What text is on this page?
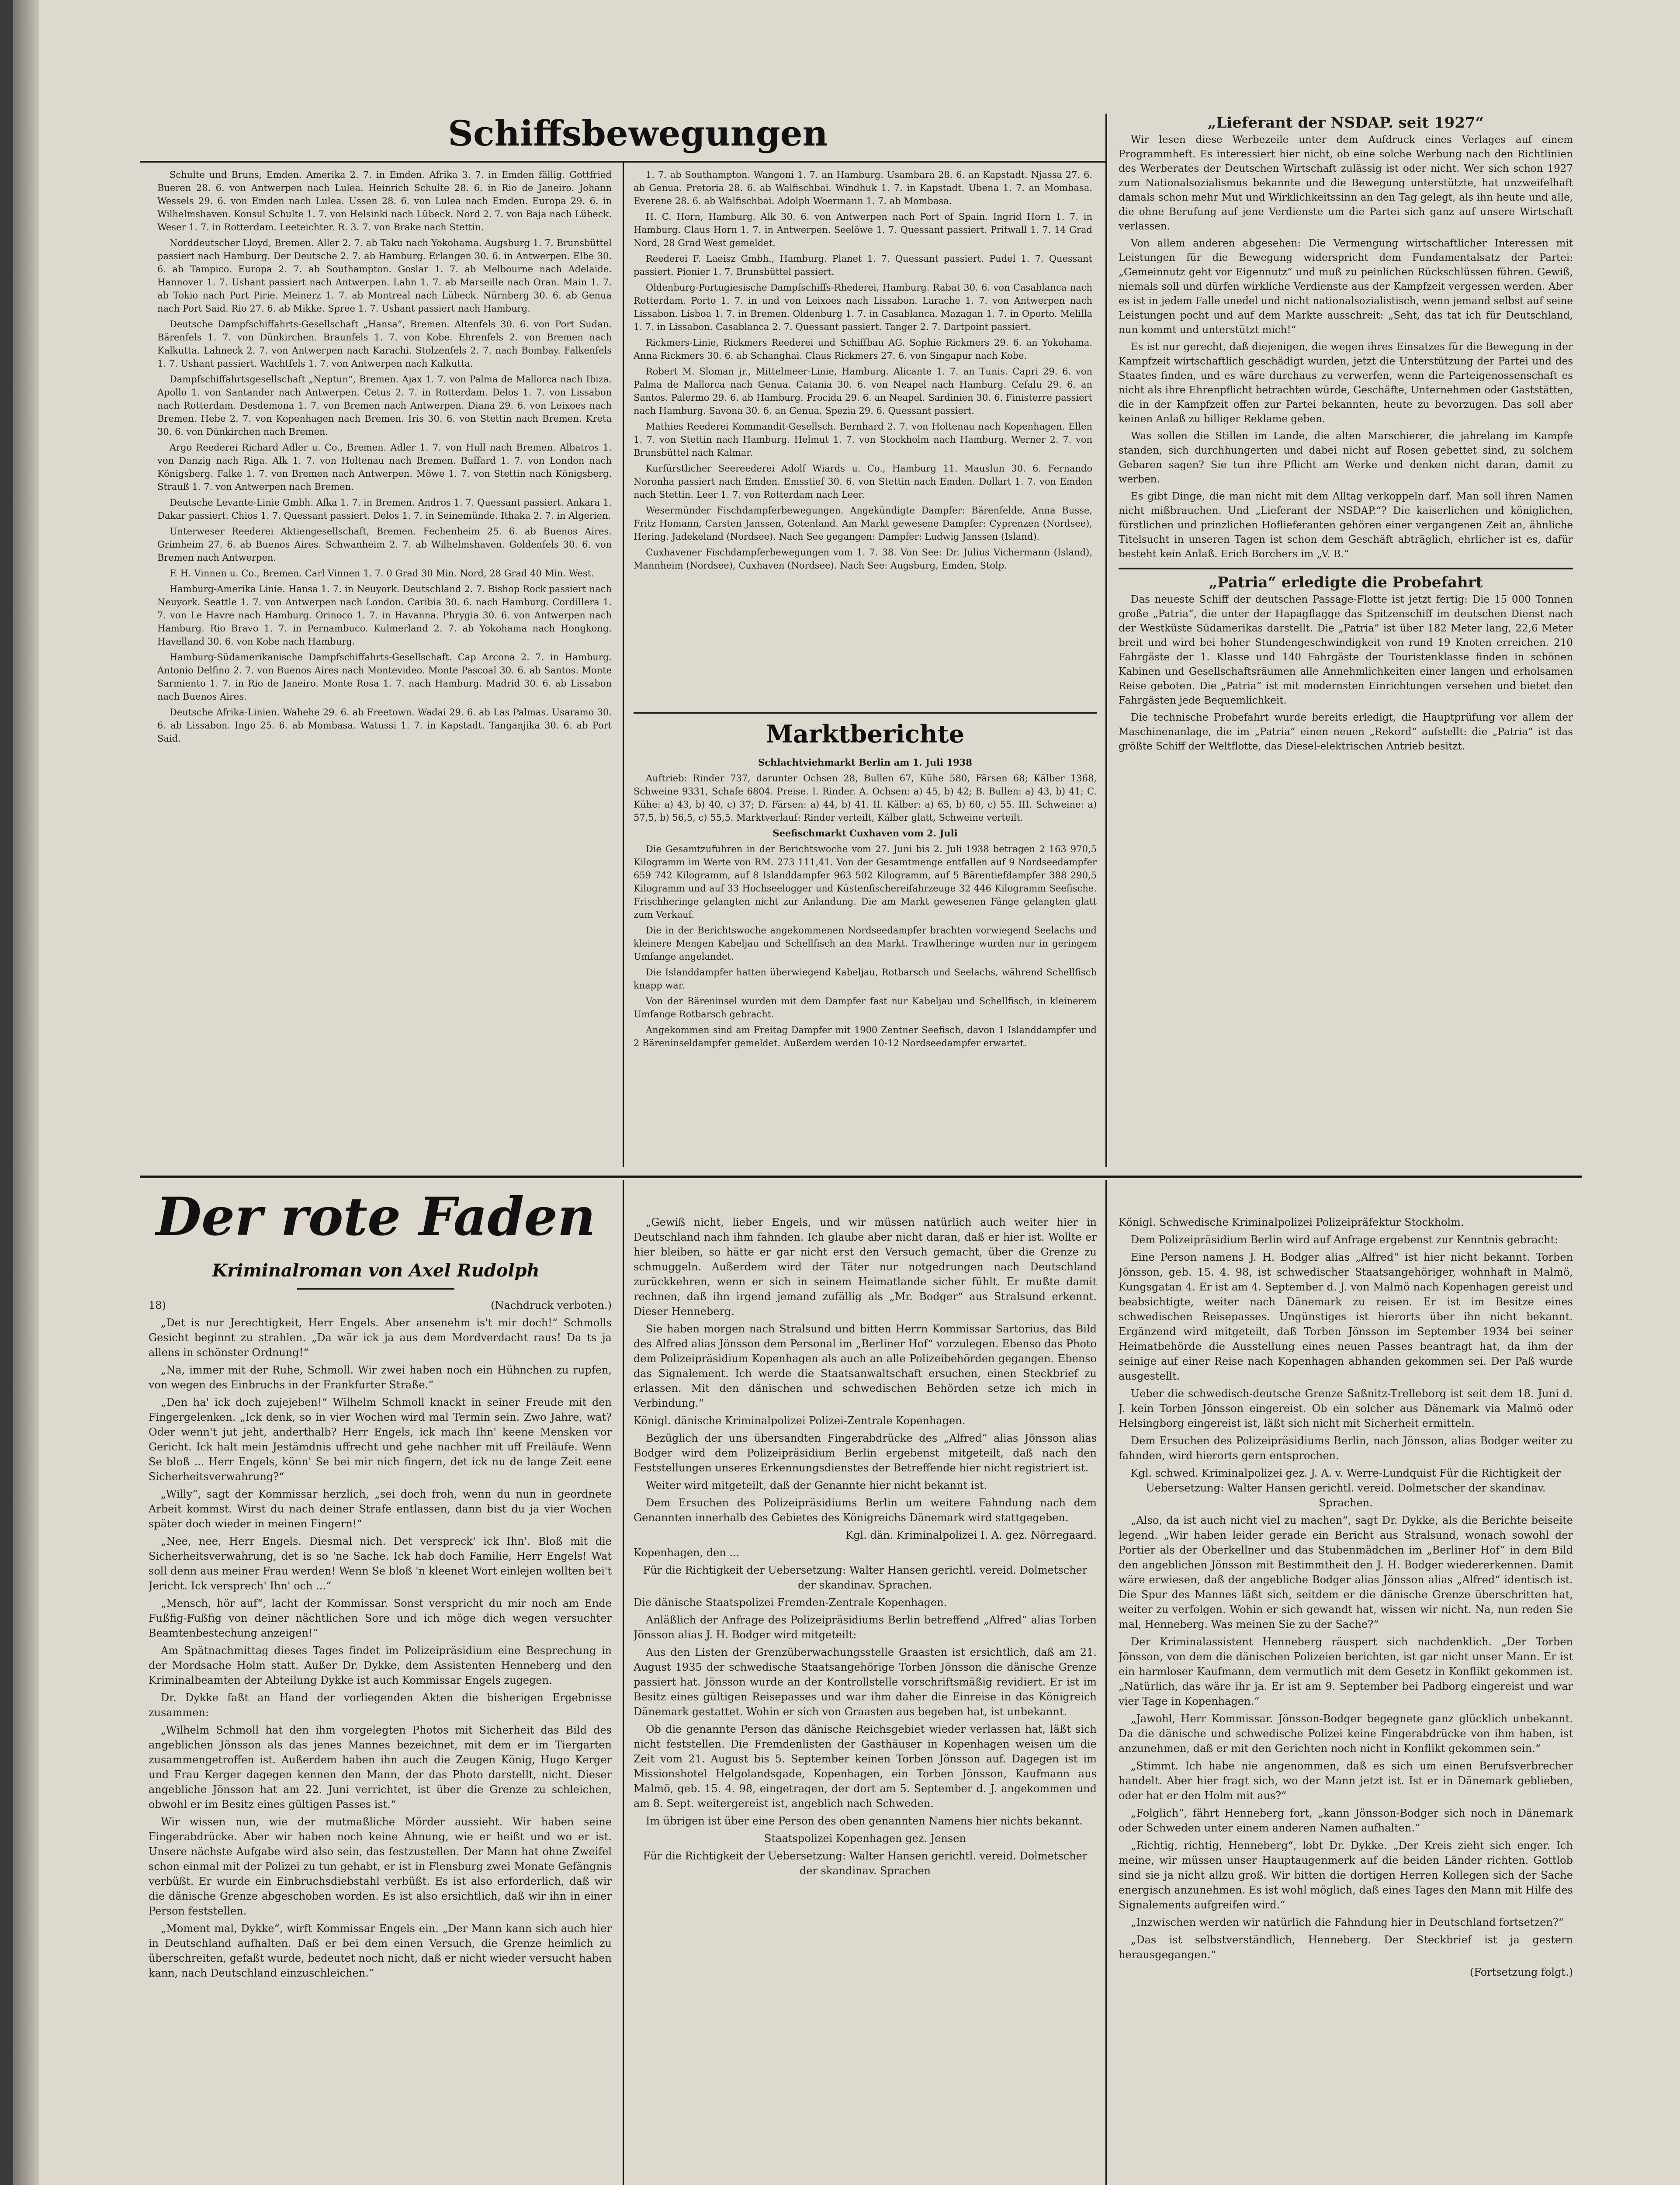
Schiffsbewegungen

Schulte und Bruns, Emden. Amerika 2. 7. in Emden. Afrika 3. 7. in Emden fällig. Gottfried Bueren 28. 6. von Antwerpen nach Lulea. Heinrich Schulte 28. 6. in Rio de Janeiro. Johann Wessels 29. 6. von Emden nach Lulea. Ussen 28. 6. von Lulea nach Emden. Europa 29. 6. in Wilhelmshaven. Konsul Schulte 1. 7. von Helsinki nach Lübeck. Nord 2. 7. von Baja nach Lübeck. Weser 1. 7. in Rotterdam. Leeteichter. R. 3. 7. von Brake nach Stettin.

Norddeutscher Lloyd, Bremen. Aller 2. 7. ab Taku nach Yokohama. Augsburg 1. 7. Brunsbüttel passiert nach Hamburg. Der Deutsche 2. 7. ab Hamburg. Erlangen 30. 6. in Antwerpen. Elbe 30. 6. ab Tampico. Europa 2. 7. ab Southampton. Goslar 1. 7. ab Melbourne nach Adelaide. Hannover 1. 7. Ushant passiert nach Antwerpen. Lahn 1. 7. ab Marseille nach Oran. Main 1. 7. ab Tokio nach Port Pirie. Meinerz 1. 7. ab Montreal nach Lübeck. Nürnberg 30. 6. ab Genua nach Port Said. Rio 27. 6. ab Mikke. Spree 1. 7. Ushant passiert nach Hamburg.

Deutsche Dampfschiffahrts-Gesellschaft „Hansa“, Bremen. Altenfels 30. 6. von Port Sudan. Bärenfels 1. 7. von Dünkirchen. Braunfels 1. 7. von Kobe. Ehrenfels 2. von Bremen nach Kalkutta. Lahneck 2. 7. von Antwerpen nach Karachi. Stolzenfels 2. 7. nach Bombay. Falkenfels 1. 7. Ushant passiert. Wachtfels 1. 7. von Antwerpen nach Kalkutta.

Dampfschiffahrtsgesellschaft „Neptun“, Bremen. Ajax 1. 7. von Palma de Mallorca nach Ibiza. Apollo 1. von Santander nach Antwerpen. Cetus 2. 7. in Rotterdam. Delos 1. 7. von Lissabon nach Rotterdam. Desdemona 1. 7. von Bremen nach Antwerpen. Diana 29. 6. von Leixoes nach Bremen. Hebe 2. 7. von Kopenhagen nach Bremen. Iris 30. 6. von Stettin nach Bremen. Kreta 30. 6. von Dünkirchen nach Bremen.

Argo Reederei Richard Adler u. Co., Bremen. Adler 1. 7. von Hull nach Bremen. Albatros 1. von Danzig nach Riga. Alk 1. 7. von Holtenau nach Bremen. Buffard 1. 7. von London nach Königsberg. Falke 1. 7. von Bremen nach Antwerpen. Möwe 1. 7. von Stettin nach Königsberg. Strauß 1. 7. von Antwerpen nach Bremen.

Deutsche Levante-Linie Gmbh. Afka 1. 7. in Bremen. Andros 1. 7. Quessant passiert. Ankara 1. Dakar passiert. Chios 1. 7. Quessant passiert. Delos 1. 7. in Seinemünde. Ithaka 2. 7. in Algerien.

Unterweser Reederei Aktiengesellschaft, Bremen. Fechenheim 25. 6. ab Buenos Aires. Grimheim 27. 6. ab Buenos Aires. Schwanheim 2. 7. ab Wilhelmshaven. Goldenfels 30. 6. von Bremen nach Antwerpen.

F. H. Vinnen u. Co., Bremen. Carl Vinnen 1. 7. 0 Grad 30 Min. Nord, 28 Grad 40 Min. West.

Hamburg-Amerika Linie. Hansa 1. 7. in Neuyork. Deutschland 2. 7. Bishop Rock passiert nach Neuyork. Seattle 1. 7. von Antwerpen nach London. Caribia 30. 6. nach Hamburg. Cordillera 1. 7. von Le Havre nach Hamburg. Orinoco 1. 7. in Havanna. Phrygia 30. 6. von Antwerpen nach Hamburg. Rio Bravo 1. 7. in Pernambuco. Kulmerland 2. 7. ab Yokohama nach Hongkong. Havelland 30. 6. von Kobe nach Hamburg.

Hamburg-Südamerikanische Dampfschiffahrts-Gesellschaft. Cap Arcona 2. 7. in Hamburg. Antonio Delfino 2. 7. von Buenos Aires nach Montevideo. Monte Pascoal 30. 6. ab Santos. Monte Sarmiento 1. 7. in Rio de Janeiro. Monte Rosa 1. 7. nach Hamburg. Madrid 30. 6. ab Lissabon nach Buenos Aires.

Deutsche Afrika-Linien. Wahehe 29. 6. ab Freetown. Wadai 29. 6. ab Las Palmas. Usaramo 30. 6. ab Lissabon. Ingo 25. 6. ab Mombasa. Watussi 1. 7. in Kapstadt. Tanganjika 30. 6. ab Port Said.

1. 7. ab Southampton. Wangoni 1. 7. an Hamburg. Usambara 28. 6. an Kapstadt. Njassa 27. 6. ab Genua. Pretoria 28. 6. ab Walfischbai. Windhuk 1. 7. in Kapstadt. Ubena 1. 7. an Mombasa. Everene 28. 6. ab Walfischbai. Adolph Woermann 1. 7. ab Mombasa.

H. C. Horn, Hamburg. Alk 30. 6. von Antwerpen nach Port of Spain. Ingrid Horn 1. 7. in Hamburg. Claus Horn 1. 7. in Antwerpen. Seelöwe 1. 7. Quessant passiert. Pritwall 1. 7. 14 Grad Nord, 28 Grad West gemeldet.

Reederei F. Laeisz Gmbh., Hamburg. Planet 1. 7. Quessant passiert. Pudel 1. 7. Quessant passiert. Pionier 1. 7. Brunsbüttel passiert.

Oldenburg-Portugiesische Dampfschiffs-Rhederei, Hamburg. Rabat 30. 6. von Casablanca nach Rotterdam. Porto 1. 7. in und von Leixoes nach Lissabon. Larache 1. 7. von Antwerpen nach Lissabon. Lisboa 1. 7. in Bremen. Oldenburg 1. 7. in Casablanca. Mazagan 1. 7. in Oporto. Melilla 1. 7. in Lissabon. Casablanca 2. 7. Quessant passiert. Tanger 2. 7. Dartpoint passiert.

Rickmers-Linie, Rickmers Reederei und Schiffbau AG. Sophie Rickmers 29. 6. an Yokohama. Anna Rickmers 30. 6. ab Schanghai. Claus Rickmers 27. 6. von Singapur nach Kobe.

Robert M. Sloman jr., Mittelmeer-Linie, Hamburg. Alicante 1. 7. an Tunis. Capri 29. 6. von Palma de Mallorca nach Genua. Catania 30. 6. von Neapel nach Hamburg. Cefalu 29. 6. an Santos. Palermo 29. 6. ab Hamburg. Procida 29. 6. an Neapel. Sardinien 30. 6. Finisterre passiert nach Hamburg. Savona 30. 6. an Genua. Spezia 29. 6. Quessant passiert.

Mathies Reederei Kommandit-Gesellsch. Bernhard 2. 7. von Holtenau nach Kopenhagen. Ellen 1. 7. von Stettin nach Hamburg. Helmut 1. 7. von Stockholm nach Hamburg. Werner 2. 7. von Brunsbüttel nach Kalmar.

Kurfürstlicher Seereederei Adolf Wiards u. Co., Hamburg 11. Mauslun 30. 6. Fernando Noronha passiert nach Emden. Emsstief 30. 6. von Stettin nach Emden. Dollart 1. 7. von Emden nach Stettin. Leer 1. 7. von Rotterdam nach Leer.

Wesermünder Fischdampferbewegungen. Angekündigte Dampfer: Bärenfelde, Anna Busse, Fritz Homann, Carsten Janssen, Gotenland. Am Markt gewesene Dampfer: Cyprenzen (Nordsee), Hering. Jadekeland (Nordsee). Nach See gegangen: Dampfer: Ludwig Janssen (Island).

Cuxhavener Fischdampferbewegungen vom 1. 7. 38. Von See: Dr. Julius Vichermann (Island), Mannheim (Nordsee), Cuxhaven (Nordsee). Nach See: Augsburg, Emden, Stolp.

Marktberichte

Schlachtviehmarkt Berlin am 1. Juli 1938

Auftrieb: Rinder 737, darunter Ochsen 28, Bullen 67, Kühe 580, Färsen 68; Kälber 1368, Schweine 9331, Schafe 6804. Preise. I. Rinder. A. Ochsen: a) 45, b) 42; B. Bullen: a) 43, b) 41; C. Kühe: a) 43, b) 40, c) 37; D. Färsen: a) 44, b) 41. II. Kälber: a) 65, b) 60, c) 55. III. Schweine: a) 57,5, b) 56,5, c) 55,5. Marktverlauf: Rinder verteilt, Kälber glatt, Schweine verteilt.

Seefischmarkt Cuxhaven vom 2. Juli

Die Gesamtzufuhren in der Berichtswoche vom 27. Juni bis 2. Juli 1938 betragen 2 163 970,5 Kilogramm im Werte von RM. 273 111,41. Von der Gesamtmenge entfallen auf 9 Nordseedampfer 659 742 Kilogramm, auf 8 Islanddampfer 963 502 Kilogramm, auf 5 Bärentiefdampfer 388 290,5 Kilogramm und auf 33 Hochseelogger und Küstenfischereifahrzeuge 32 446 Kilogramm Seefische. Frischheringe gelangten nicht zur Anlandung. Die am Markt gewesenen Fänge gelangten glatt zum Verkauf.

Die in der Berichtswoche angekommenen Nordseedampfer brachten vorwiegend Seelachs und kleinere Mengen Kabeljau und Schellfisch an den Markt. Trawlheringe wurden nur in geringem Umfange angelandet.

Die Islanddampfer hatten überwiegend Kabeljau, Rotbarsch und Seelachs, während Schellfisch knapp war.

Von der Bäreninsel wurden mit dem Dampfer fast nur Kabeljau und Schellfisch, in kleinerem Umfange Rotbarsch gebracht.

Angekommen sind am Freitag Dampfer mit 1900 Zentner Seefisch, davon 1 Islanddampfer und 2 Bäreninseldampfer gemeldet. Außerdem werden 10-12 Nordseedampfer erwartet.

„Lieferant der NSDAP. seit 1927“

Wir lesen diese Werbezeile unter dem Aufdruck eines Verlages auf einem Programmheft. Es interessiert hier nicht, ob eine solche Werbung nach den Richtlinien des Werberates der Deutschen Wirtschaft zulässig ist oder nicht. Wer sich schon 1927 zum Nationalsozialismus bekannte und die Bewegung unterstützte, hat unzweifelhaft damals schon mehr Mut und Wirklichkeitssinn an den Tag gelegt, als ihn heute und alle, die ohne Berufung auf jene Verdienste um die Partei sich ganz auf unsere Wirtschaft verlassen.

Von allem anderen abgesehen: Die Vermengung wirtschaftlicher Interessen mit Leistungen für die Bewegung widerspricht dem Fundamentalsatz der Partei: „Gemeinnutz geht vor Eigennutz“ und muß zu peinlichen Rückschlüssen führen. Gewiß, niemals soll und dürfen wirkliche Verdienste aus der Kampfzeit vergessen werden. Aber es ist in jedem Falle unedel und nicht nationalsozialistisch, wenn jemand selbst auf seine Leistungen pocht und auf dem Markte ausschreit: „Seht, das tat ich für Deutschland, nun kommt und unterstützt mich!“

Es ist nur gerecht, daß diejenigen, die wegen ihres Einsatzes für die Bewegung in der Kampfzeit wirtschaftlich geschädigt wurden, jetzt die Unterstützung der Partei und des Staates finden, und es wäre durchaus zu verwerfen, wenn die Parteigenossenschaft es nicht als ihre Ehrenpflicht betrachten würde, Geschäfte, Unternehmen oder Gaststätten, die in der Kampfzeit offen zur Partei bekannten, heute zu bevorzugen. Das soll aber keinen Anlaß zu billiger Reklame geben.

Was sollen die Stillen im Lande, die alten Marschierer, die jahrelang im Kampfe standen, sich durchhungerten und dabei nicht auf Rosen gebettet sind, zu solchem Gebaren sagen? Sie tun ihre Pflicht am Werke und denken nicht daran, damit zu werben.

Es gibt Dinge, die man nicht mit dem Alltag verkoppeln darf. Man soll ihren Namen nicht mißbrauchen. Und „Lieferant der NSDAP.“? Die kaiserlichen und königlichen, fürstlichen und prinzlichen Hoflieferanten gehören einer vergangenen Zeit an, ähnliche Titelsucht in unseren Tagen ist schon dem Geschäft abträglich, ehrlicher ist es, dafür besteht kein Anlaß. Erich Borchers im „V. B.“

„Patria“ erledigte die Probefahrt

Das neueste Schiff der deutschen Passage-Flotte ist jetzt fertig: Die 15 000 Tonnen große „Patria“, die unter der Hapagflagge das Spitzenschiff im deutschen Dienst nach der Westküste Südamerikas darstellt. Die „Patria“ ist über 182 Meter lang, 22,6 Meter breit und wird bei hoher Stundengeschwindigkeit von rund 19 Knoten erreichen. 210 Fahrgäste der 1. Klasse und 140 Fahrgäste der Touristenklasse finden in schönen Kabinen und Gesellschaftsräumen alle Annehmlichkeiten einer langen und erholsamen Reise geboten. Die „Patria“ ist mit modernsten Einrichtungen versehen und bietet den Fahrgästen jede Bequemlichkeit.

Die technische Probefahrt wurde bereits erledigt, die Hauptprüfung vor allem der Maschinenanlage, die im „Patria“ einen neuen „Rekord“ aufstellt: die „Patria“ ist das größte Schiff der Weltflotte, das Diesel-elektrischen Antrieb besitzt.

Der rote Faden
Kriminalroman von Axel Rudolph

18)	(Nachdruck verboten.)

„Det is nur Jerechtigkeit, Herr Engels. Aber ansenehm is't mir doch!“ Schmolls Gesicht beginnt zu strahlen. „Da wär ick ja aus dem Mordverdacht raus! Da ts ja allens in schönster Ordnung!“

„Na, immer mit der Ruhe, Schmoll. Wir zwei haben noch ein Hühnchen zu rupfen, von wegen des Einbruchs in der Frankfurter Straße.“

„Den ha' ick doch zujejeben!“ Wilhelm Schmoll knackt in seiner Freude mit den Fingergelenken. „Ick denk, so in vier Wochen wird mal Termin sein. Zwo Jahre, wat? Oder wenn't jut jeht, anderthalb? Herr Engels, ick mach Ihn' keene Mensken vor Gericht. Ick halt mein Jestämdnis uffrecht und gehe nachher mit uff Freiläufe. Wenn Se bloß ... Herr Engels, könn' Se bei mir nich fingern, det ick nu de lange Zeit eene Sicherheitsverwahrung?“

„Willy“, sagt der Kommissar herzlich, „sei doch froh, wenn du nun in geordnete Arbeit kommst. Wirst du nach deiner Strafe entlassen, dann bist du ja vier Wochen später doch wieder in meinen Fingern!“

„Nee, nee, Herr Engels. Diesmal nich. Det verspreck' ick Ihn'. Bloß mit die Sicherheitsverwahrung, det is so 'ne Sache. Ick hab doch Familie, Herr Engels! Wat soll denn aus meiner Frau werden! Wenn Se bloß 'n kleenet Wort einlejen wollten bei't Jericht. Ick versprech' Ihn' och ...“

„Mensch, hör auf“, lacht der Kommissar. Sonst verspricht du mir noch am Ende Fußfig-Fußfig von deiner nächtlichen Sore und ich möge dich wegen versuchter Beamtenbestechung anzeigen!“

Am Spätnachmittag dieses Tages findet im Polizeipräsidium eine Besprechung in der Mordsache Holm statt. Außer Dr. Dykke, dem Assistenten Henneberg und den Kriminalbeamten der Abteilung Dykke ist auch Kommissar Engels zugegen.

Dr. Dykke faßt an Hand der vorliegenden Akten die bisherigen Ergebnisse zusammen:

„Wilhelm Schmoll hat den ihm vorgelegten Photos mit Sicherheit das Bild des angeblichen Jönsson als das jenes Mannes bezeichnet, mit dem er im Tiergarten zusammengetroffen ist. Außerdem haben ihn auch die Zeugen König, Hugo Kerger und Frau Kerger dagegen kennen den Mann, der das Photo darstellt, nicht. Dieser angebliche Jönsson hat am 22. Juni verrichtet, ist über die Grenze zu schleichen, obwohl er im Besitz eines gültigen Passes ist.“

Wir wissen nun, wie der mutmaßliche Mörder aussieht. Wir haben seine Fingerabdrücke. Aber wir haben noch keine Ahnung, wie er heißt und wo er ist. Unsere nächste Aufgabe wird also sein, das festzustellen. Der Mann hat ohne Zweifel schon einmal mit der Polizei zu tun gehabt, er ist in Flensburg zwei Monate Gefängnis verbüßt. Er wurde ein Einbruchsdiebstahl verbüßt. Es ist also erforderlich, daß wir die dänische Grenze abgeschoben worden. Es ist also ersichtlich, daß wir ihn in einer Person feststellen.

„Moment mal, Dykke“, wirft Kommissar Engels ein. „Der Mann kann sich auch hier in Deutschland aufhalten. Daß er bei dem einen Versuch, die Grenze heimlich zu überschreiten, gefaßt wurde, bedeutet noch nicht, daß er nicht wieder versucht haben kann, nach Deutschland einzuschleichen.“

„Gewiß nicht, lieber Engels, und wir müssen natürlich auch weiter hier in Deutschland nach ihm fahnden. Ich glaube aber nicht daran, daß er hier ist. Wollte er hier bleiben, so hätte er gar nicht erst den Versuch gemacht, über die Grenze zu schmuggeln. Außerdem wird der Täter nur notgedrungen nach Deutschland zurückkehren, wenn er sich in seinem Heimatlande sicher fühlt. Er mußte damit rechnen, daß ihn irgend jemand zufällig als „Mr. Bodger“ aus Stralsund erkennt. Dieser Henneberg.

Sie haben morgen nach Stralsund und bitten Herrn Kommissar Sartorius, das Bild des Alfred alias Jönsson dem Personal im „Berliner Hof“ vorzulegen. Ebenso das Photo dem Polizeipräsidium Kopenhagen als auch an alle Polizeibehörden gegangen. Ebenso das Signalement. Ich werde die Staatsanwaltschaft ersuchen, einen Steckbrief zu erlassen. Mit den dänischen und schwedischen Behörden setze ich mich in Verbindung.“

Königl. dänische Kriminalpolizei Polizei-Zentrale Kopenhagen.

Bezüglich der uns übersandten Fingerabdrücke des „Alfred“ alias Jönsson alias Bodger wird dem Polizeipräsidium Berlin ergebenst mitgeteilt, daß nach den Feststellungen unseres Erkennungsdienstes der Betreffende hier nicht registriert ist.

Weiter wird mitgeteilt, daß der Genannte hier nicht bekannt ist.

Dem Ersuchen des Polizeipräsidiums Berlin um weitere Fahndung nach dem Genannten innerhalb des Gebietes des Königreichs Dänemark wird stattgegeben.

Kgl. dän. Kriminalpolizei I. A. gez. Nörregaard.

Kopenhagen, den ...

Für die Richtigkeit der Uebersetzung: Walter Hansen gerichtl. vereid. Dolmetscher der skandinav. Sprachen.

Die dänische Staatspolizei Fremden-Zentrale Kopenhagen.

Anläßlich der Anfrage des Polizeipräsidiums Berlin betreffend „Alfred“ alias Torben Jönsson alias J. H. Bodger wird mitgeteilt:

Aus den Listen der Grenzüberwachungsstelle Graasten ist ersichtlich, daß am 21. August 1935 der schwedische Staatsangehörige Torben Jönsson die dänische Grenze passiert hat. Jönsson wurde an der Kontrollstelle vorschriftsmäßig revidiert. Er ist im Besitz eines gültigen Reisepasses und war ihm daher die Einreise in das Königreich Dänemark gestattet. Wohin er sich von Graasten aus begeben hat, ist unbekannt.

Ob die genannte Person das dänische Reichsgebiet wieder verlassen hat, läßt sich nicht feststellen. Die Fremdenlisten der Gasthäuser in Kopenhagen weisen um die Zeit vom 21. August bis 5. September keinen Torben Jönsson auf. Dagegen ist im Missionshotel Helgolandsgade, Kopenhagen, ein Torben Jönsson, Kaufmann aus Malmö, geb. 15. 4. 98, eingetragen, der dort am 5. September d. J. angekommen und am 8. Sept. weitergereist ist, angeblich nach Schweden.

Im übrigen ist über eine Person des oben genannten Namens hier nichts bekannt.

Staatspolizei Kopenhagen gez. Jensen

Für die Richtigkeit der Uebersetzung: Walter Hansen gerichtl. vereid. Dolmetscher der skandinav. Sprachen

Königl. Schwedische Kriminalpolizei Polizeipräfektur Stockholm.

Dem Polizeipräsidium Berlin wird auf Anfrage ergebenst zur Kenntnis gebracht:

Eine Person namens J. H. Bodger alias „Alfred“ ist hier nicht bekannt. Torben Jönsson, geb. 15. 4. 98, ist schwedischer Staatsangehöriger, wohnhaft in Malmö, Kungsgatan 4. Er ist am 4. September d. J. von Malmö nach Kopenhagen gereist und beabsichtigte, weiter nach Dänemark zu reisen. Er ist im Besitze eines schwedischen Reisepasses. Ungünstiges ist hierorts über ihn nicht bekannt. Ergänzend wird mitgeteilt, daß Torben Jönsson im September 1934 bei seiner Heimatbehörde die Ausstellung eines neuen Passes beantragt hat, da ihm der seinige auf einer Reise nach Kopenhagen abhanden gekommen sei. Der Paß wurde ausgestellt.

Ueber die schwedisch-deutsche Grenze Saßnitz-Trelleborg ist seit dem 18. Juni d. J. kein Torben Jönsson eingereist. Ob ein solcher aus Dänemark via Malmö oder Helsingborg eingereist ist, läßt sich nicht mit Sicherheit ermitteln.

Dem Ersuchen des Polizeipräsidiums Berlin, nach Jönsson, alias Bodger weiter zu fahnden, wird hierorts gern entsprochen.

Kgl. schwed. Kriminalpolizei gez. J. A. v. Werre-Lundquist Für die Richtigkeit der Uebersetzung: Walter Hansen gerichtl. vereid. Dolmetscher der skandinav. Sprachen.

„Also, da ist auch nicht viel zu machen“, sagt Dr. Dykke, als die Berichte beiseite legend. „Wir haben leider gerade ein Bericht aus Stralsund, wonach sowohl der Portier als der Oberkellner und das Stubenmädchen im „Berliner Hof“ in dem Bild den angeblichen Jönsson mit Bestimmtheit den J. H. Bodger wiedererkennen. Damit wäre erwiesen, daß der angebliche Bodger alias Jönsson alias „Alfred“ identisch ist. Die Spur des Mannes läßt sich, seitdem er die dänische Grenze überschritten hat, weiter zu verfolgen. Wohin er sich gewandt hat, wissen wir nicht. Na, nun reden Sie mal, Henneberg. Was meinen Sie zu der Sache?“

Der Kriminalassistent Henneberg räuspert sich nachdenklich. „Der Torben Jönsson, von dem die dänischen Polizeien berichten, ist gar nicht unser Mann. Er ist ein harmloser Kaufmann, dem vermutlich mit dem Gesetz in Konflikt gekommen ist. „Natürlich, das wäre ihr ja. Er ist am 9. September bei Padborg eingereist und war vier Tage in Kopenhagen.“

„Jawohl, Herr Kommissar. Jönsson-Bodger begegnete ganz glücklich unbekannt. Da die dänische und schwedische Polizei keine Fingerabdrücke von ihm haben, ist anzunehmen, daß er mit den Gerichten noch nicht in Konflikt gekommen sein.“

„Stimmt. Ich habe nie angenommen, daß es sich um einen Berufsverbrecher handelt. Aber hier fragt sich, wo der Mann jetzt ist. Ist er in Dänemark geblieben, oder hat er den Holm mit aus?“

„Folglich“, fährt Henneberg fort, „kann Jönsson-Bodger sich noch in Dänemark oder Schweden unter einem anderen Namen aufhalten.“

„Richtig, richtig, Henneberg“, lobt Dr. Dykke. „Der Kreis zieht sich enger. Ich meine, wir müssen unser Hauptaugenmerk auf die beiden Länder richten. Gottlob sind sie ja nicht allzu groß. Wir bitten die dortigen Herren Kollegen sich der Sache energisch anzunehmen. Es ist wohl möglich, daß eines Tages den Mann mit Hilfe des Signalements aufgreifen wird.“

„Inzwischen werden wir natürlich die Fahndung hier in Deutschland fortsetzen?“

„Das ist selbstverständlich, Henneberg. Der Steckbrief ist ja gestern herausgegangen.“

(Fortsetzung folgt.)
